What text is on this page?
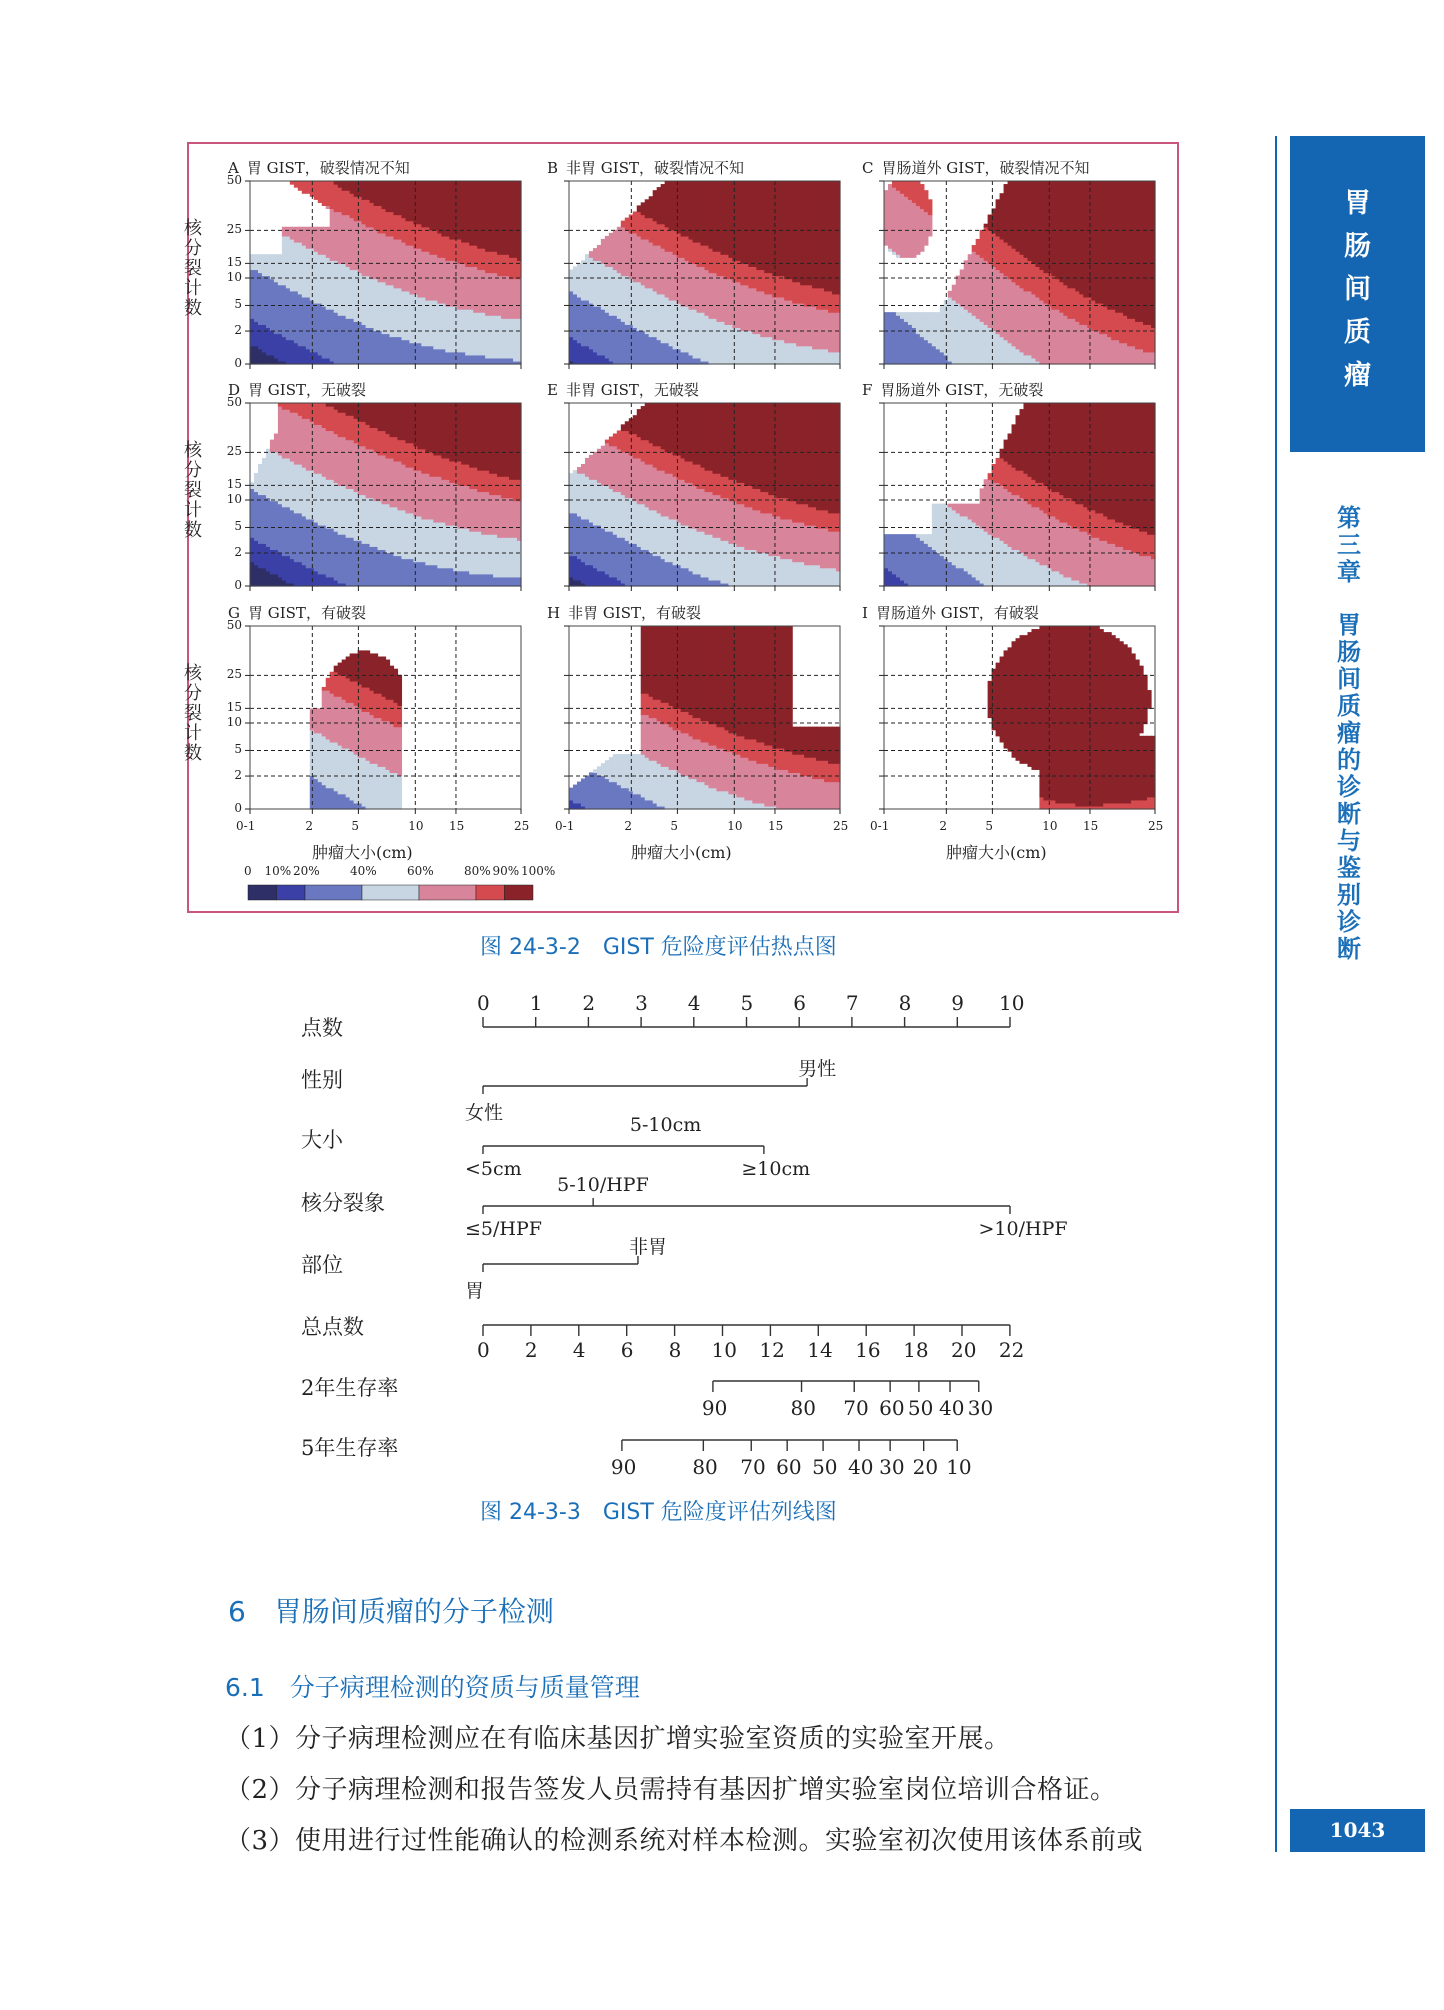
A 胃 GIST，破裂情况不知
0
2
5
10
15
25
50
核分裂计数
B 非胃 GIST，破裂情况不知	C 胃肠道外 GIST，破裂情况不知
D 胃 GIST，无破裂
0
2
5
10
15
25
50
核分裂计数
E 非胃 GIST，无破裂	F 胃肠道外 GIST，无破裂
G 胃 GIST，有破裂
0
2
5
10
15
25
50
核分裂计数
0-1	2	5	10 15	25
肿瘤大小(cm)
H 非胃 GIST，有破裂
0-1	2	5	10 15	25
肿瘤大小(cm)
I 胃肠道外 GIST，有破裂
0-1	2	5	10 15	25
肿瘤大小(cm)
0 10% 20%	40%	60%	80% 90% 100%
图 24-3-2　GIST 危险度评估热点图
点数
0 1 2 3 4 5 6 7 8 9 10
性别
女性
男性
大小
<5cm
5-10cm
≥10cm
核分裂象
≤5/HPF
5-10/HPF
>10/HPF
部位
胃
非胃
总点数
0 2 4 6 8 10 12 14 16 18 20 22
2年生存率
90	80 70 60 50 40 30
5年生存率
90	80 70 60 50 40 30 20 10
图 24-3-3　GIST 危险度评估列线图
6　胃肠间质瘤的分子检测
6.1　分子病理检测的资质与质量管理
（1）分子病理检测应在有临床基因扩增实验室资质的实验室开展。
（2）分子病理检测和报告签发人员需持有基因扩增实验室岗位培训合格证。
（3）使用进行过性能确认的检测系统对样本检测。实验室初次使用该体系前或
胃
肠
间
质
瘤
第三章
胃肠间质瘤的诊断与鉴别诊断
1043
